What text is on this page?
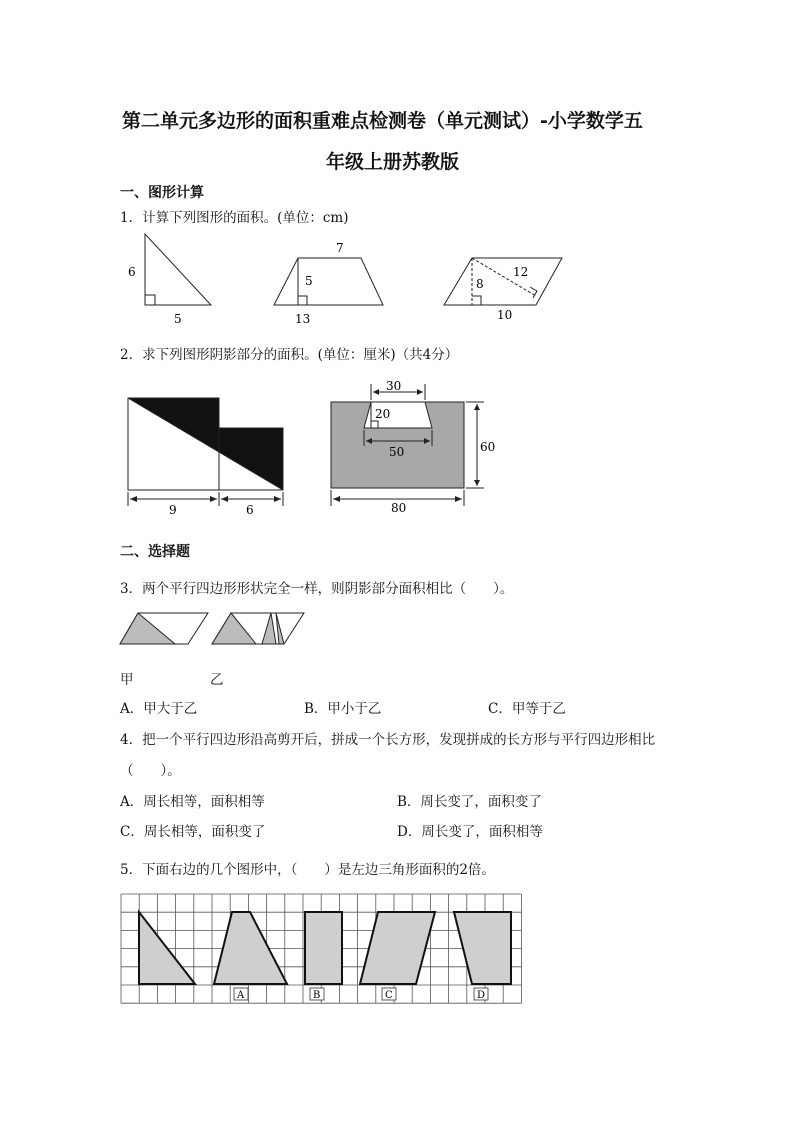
第二单元多边形的面积重难点检测卷（单元测试）-小学数学五
年级上册苏教版
一、图形计算
1．计算下列图形的面积。(单位：cm)
6
5
7
5
13
12
8
10
2．求下列图形阴影部分的面积。(单位：厘米)（共4分）
9	6
30
20
50	60
80
二、选择题
3．两个平行四边形形状完全一样，则阴影部分面积相比（　　）。
甲	乙
A．甲大于乙	B．甲小于乙	C．甲等于乙
4．把一个平行四边形沿高剪开后，拼成一个长方形，发现拼成的长方形与平行四边形相比
（　　）。
A．周长相等，面积相等	B．周长变了，面积变了
C．周长相等，面积变了	D．周长变了，面积相等
5．下面右边的几个图形中，（　　）是左边三角形面积的2倍。
A	B	C	D
